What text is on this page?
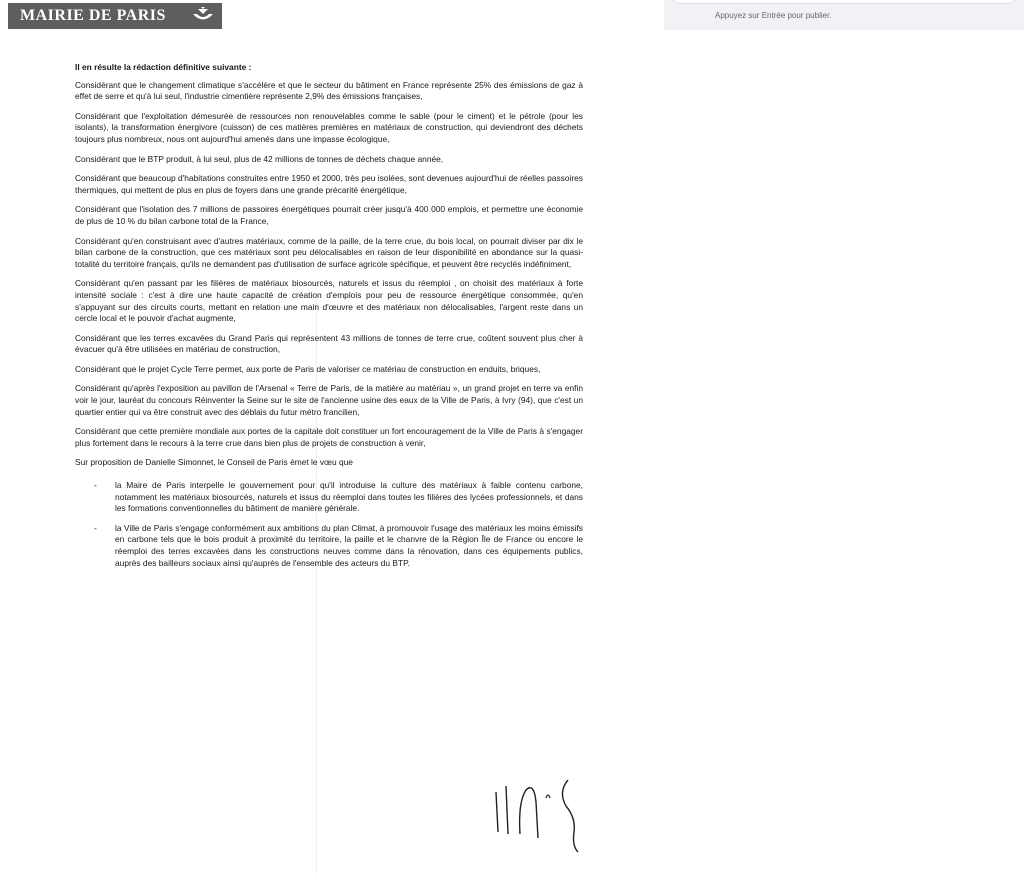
MAIRIE DE PARIS
Il en résulte la rédaction définitive suivante :
Considérant que le changement climatique s'accélère et que le secteur du bâtiment en France représente 25% des émissions de gaz à effet de serre et qu'à lui seul, l'industrie cimentière représente 2,9% des émissions françaises,
Considérant que l'exploitation démesurée de ressources non renouvelables comme le sable (pour le ciment) et le pétrole (pour les isolants), la transformation énergivore (cuisson) de ces matières premières en matériaux de construction, qui deviendront des déchets toujours plus nombreux, nous ont aujourd'hui amenés dans une impasse écologique,
Considérant que le BTP produit, à lui seul, plus de 42 millions de tonnes de déchets chaque année,
Considérant que beaucoup d'habitations construites entre 1950 et 2000, très peu isolées, sont devenues aujourd'hui de réelles passoires thermiques, qui mettent de plus en plus de foyers dans une grande précarité énergétique,
Considérant que l'isolation des 7 millions de passoires énergétiques pourrait créer jusqu'à 400 000 emplois, et permettre une économie de plus de 10 % du bilan carbone total de la France,
Considérant qu'en construisant avec d'autres matériaux, comme de la paille, de la terre crue, du bois local, on pourrait diviser par dix le bilan carbone de la construction, que ces matériaux sont peu délocalisables en raison de leur disponibilité en abondance sur la quasi-totalité du territoire français, qu'ils ne demandent pas d'utilisation de surface agricole spécifique, et peuvent être recyclés indéfiniment,
Considérant qu'en passant par les filières de matériaux biosourcés, naturels et issus du réemploi , on choisit des matériaux à forte intensité sociale : c'est à dire une haute capacité de création d'emplois pour peu de ressource énergétique consommée, qu'en s'appuyant sur des circuits courts, mettant en relation une main d'œuvre et des matériaux non délocalisables, l'argent reste dans un cercle local et le pouvoir d'achat augmente,
Considérant que les terres excavées du Grand Paris qui représentent 43 millions de tonnes de terre crue, coûtent souvent plus cher à évacuer qu'à être utilisées en matériau de construction,
Considérant que le projet Cycle Terre permet, aux porte de Paris de valoriser ce matériau de construction en enduits, briques,
Considérant qu'après l'exposition au pavillon de l'Arsenal « Terre de Paris, de la matière au matériau », un grand projet en terre va enfin voir le jour, lauréat du concours Réinventer la Seine sur le site de l'ancienne usine des eaux de la Ville de Paris, à Ivry (94), que c'est un quartier entier qui va être construit avec des déblais du futur métro francilien,
Considérant que cette première mondiale aux portes de la capitale doit constituer un fort encouragement de la Ville de Paris à s'engager plus fortement dans le recours à la terre crue dans bien plus de projets de construction à venir,
Sur proposition de Danielle Simonnet, le Conseil de Paris émet le vœu que
- la Maire de Paris interpelle le gouvernement pour qu'il introduise la culture des matériaux à faible contenu carbone, notamment les matériaux biosourcés, naturels et issus du réemploi dans toutes les filières des lycées professionnels, et dans les formations conventionnelles du bâtiment de manière générale.
- la Ville de Paris s'engage conformément aux ambitions du plan Climat, à promouvoir l'usage des matériaux les moins émissifs en carbone tels que le bois produit à proximité du territoire, la paille et le chanvre de la Région Île de France ou encore le réemploi des terres excavées dans les constructions neuves comme dans la rénovation, dans ces équipements publics, auprès des bailleurs sociaux ainsi qu'auprès de l'ensemble des acteurs du BTP.
Appuyez sur Entrée pour publier.
